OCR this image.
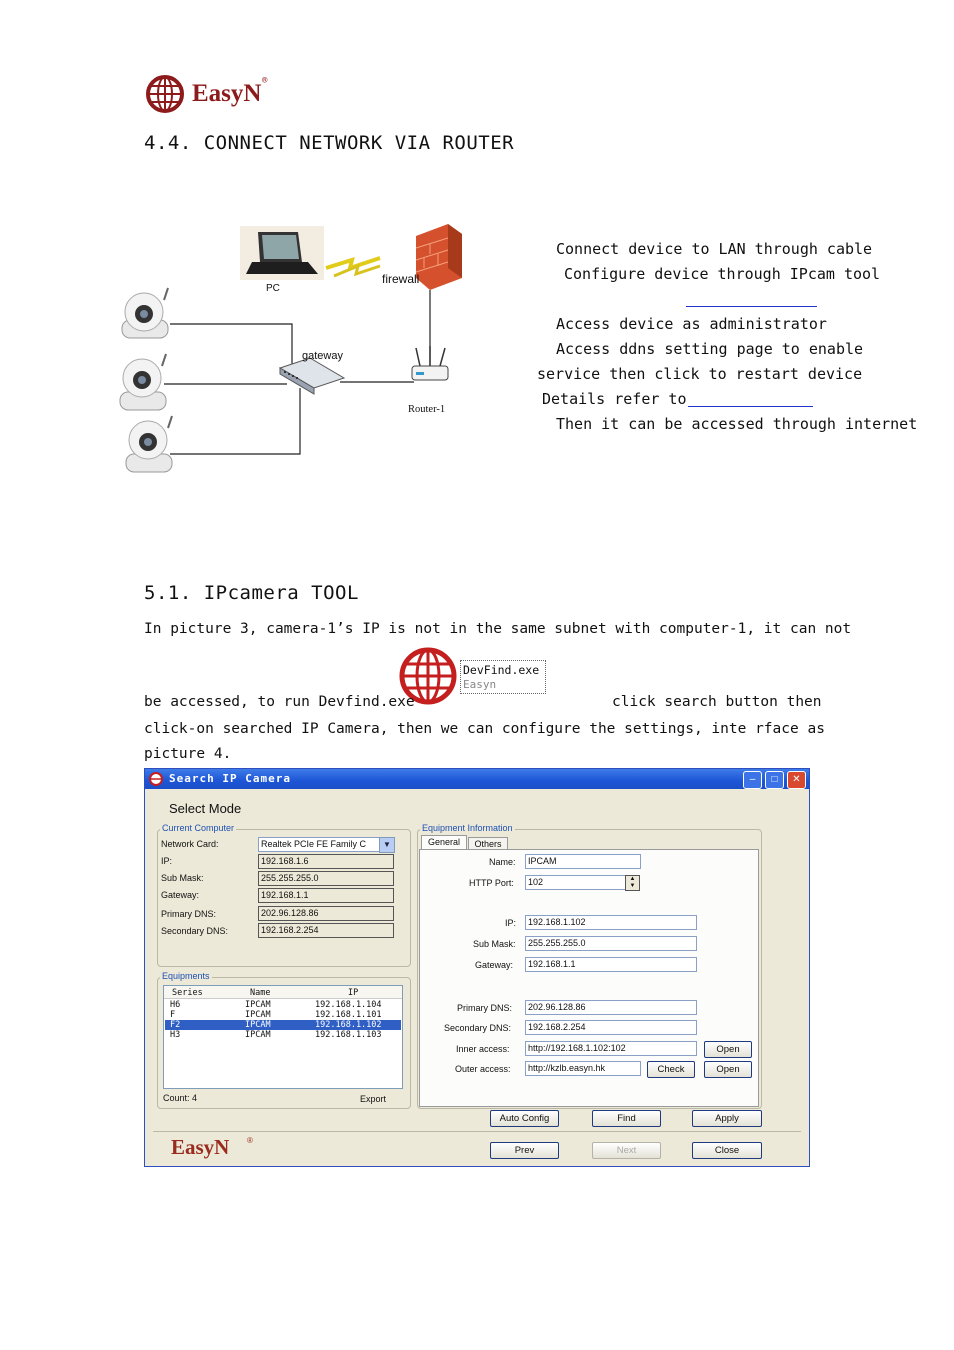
EasyN ®
4.4. CONNECT NETWORK VIA ROUTER
PC
firewall
gateway
Router-1
Connect device to LAN through cable
Configure device through IPcam tool
Access device as administrator
Access ddns setting page to enable
service then click to restart device
Details refer to
Then it can be accessed through internet
5.1. IPcamera TOOL
In picture 3, camera-1’s IP is not in the same subnet with computer-1, it can not
DevFind.exe
Easyn
be accessed, to run Devfind.exe	click search button then
click-on searched IP Camera, then we can configure the settings, inte rface as
picture 4.
Search IP Camera	–	□	✕
Select Mode
Current Computer
Network Card:	Realtek PCIe FE Family C	▼
IP:	192.168.1.6
Sub Mask:	255.255.255.0
Gateway:	192.168.1.1
Primary DNS:	202.96.128.86
Secondary DNS:	192.168.2.254
Equipments
Series	Name	IP
H6	IPCAM	192.168.1.104
F	IPCAM	192.168.1.101
F2	IPCAM	192.168.1.102
H3	IPCAM	192.168.1.103
Count: 4	Export
Equipment Information
General	Others
Name:	IPCAM
HTTP Port:	102	▲
▼
IP:	192.168.1.102
Sub Mask:	255.255.255.0
Gateway:	192.168.1.1
Primary DNS:	202.96.128.86
Secondary DNS:	192.168.2.254
Inner access:	http://192.168.1.102:102	Open
Outer access:	http://kzlb.easyn.hk	Check	Open
Auto Config	Find	Apply
EasyN ®
Prev	Next	Close
